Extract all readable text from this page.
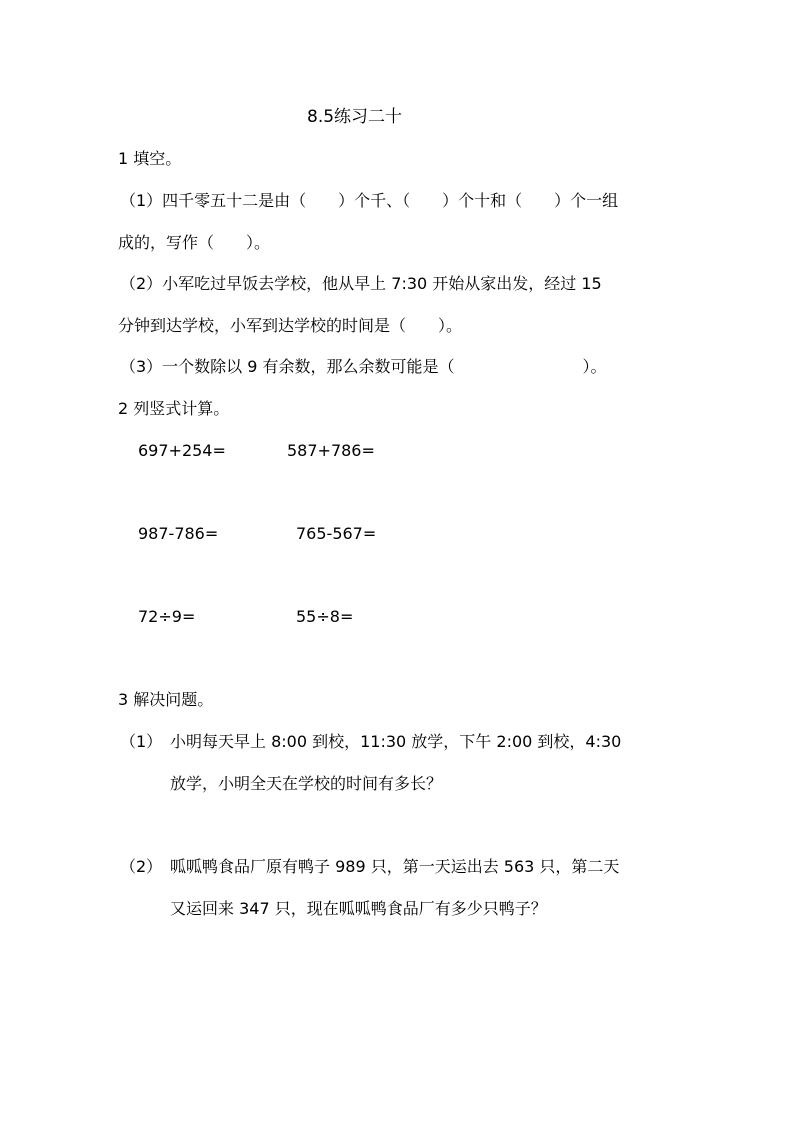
8.5练习二十
1 填空。
（1）四千零五十二是由（　　）个千、（　　）个十和（　　）个一组
成的，写作（　　）。
（2）小军吃过早饭去学校，他从早上 7:30 开始从家出发，经过 15
分钟到达学校，小军到达学校的时间是（　　）。
（3）一个数除以 9 有余数，那么余数可能是（　　　　　　　　）。
2 列竖式计算。
697+254=	587+786=
987-786=	765-567=
72÷9=	55÷8=
3 解决问题。
（1） 小明每天早上 8:00 到校，11:30 放学，下午 2:00 到校，4:30
放学，小明全天在学校的时间有多长？
（2） 呱呱鸭食品厂原有鸭子 989 只，第一天运出去 563 只，第二天
又运回来 347 只，现在呱呱鸭食品厂有多少只鸭子？
